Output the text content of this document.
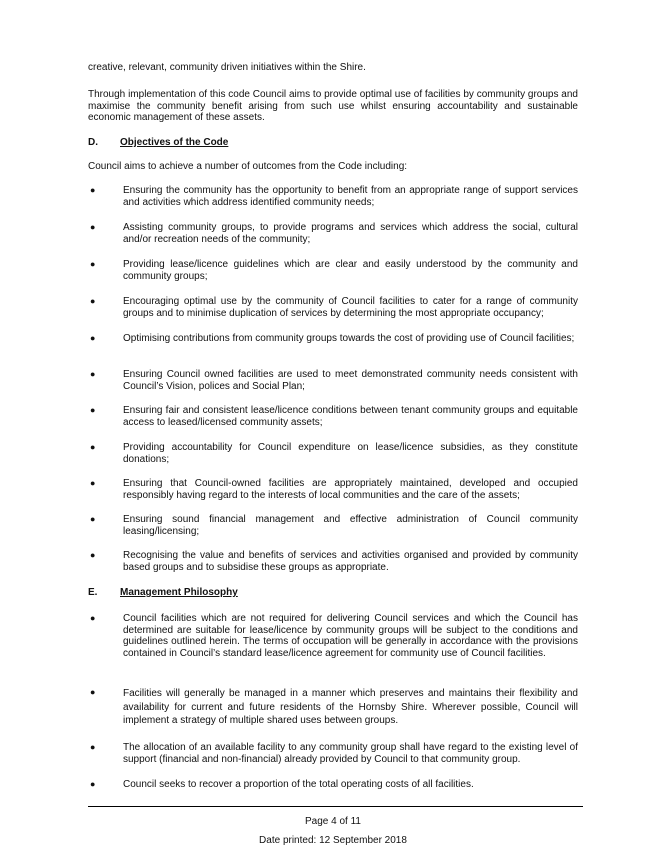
creative, relevant, community driven initiatives within the Shire.

Through implementation of this code Council aims to provide optimal use of facilities by community groups and maximise the community benefit arising from such use whilst ensuring accountability and sustainable economic management of these assets.

D. Objectives of the Code

Council aims to achieve a number of outcomes from the Code including:

●	Ensuring the community has the opportunity to benefit from an appropriate range of support services and activities which address identified community needs;
●	Assisting community groups, to provide programs and services which address the social, cultural and/or recreation needs of the community;
●	Providing lease/licence guidelines which are clear and easily understood by the community and community groups;
●	Encouraging optimal use by the community of Council facilities to cater for a range of community groups and to minimise duplication of services by determining the most appropriate occupancy;
●	Optimising contributions from community groups towards the cost of providing use of Council facilities;
●	Ensuring Council owned facilities are used to meet demonstrated community needs consistent with Council’s Vision, polices and Social Plan;
●	Ensuring fair and consistent lease/licence conditions between tenant community groups and equitable access to leased/licensed community assets;
●	Providing accountability for Council expenditure on lease/licence subsidies, as they constitute donations;
●	Ensuring that Council-owned facilities are appropriately maintained, developed and occupied responsibly having regard to the interests of local communities and the care of the assets;
●	Ensuring sound financial management and effective administration of Council community leasing/licensing;
●	Recognising the value and benefits of services and activities organised and provided by community based groups and to subsidise these groups as appropriate.

E. Management Philosophy

●	Council facilities which are not required for delivering Council services and which the Council has determined are suitable for lease/licence by community groups will be subject to the conditions and guidelines outlined herein. The terms of occupation will be generally in accordance with the provisions contained in Council’s standard lease/licence agreement for community use of Council facilities.
●	Facilities will generally be managed in a manner which preserves and maintains their flexibility and availability for current and future residents of the Hornsby Shire. Wherever possible, Council will implement a strategy of multiple shared uses between groups.
●	The allocation of an available facility to any community group shall have regard to the existing level of support (financial and non-financial) already provided by Council to that community group.
●	Council seeks to recover a proportion of the total operating costs of all facilities.
Page 4 of 11
Date printed: 12 September 2018
